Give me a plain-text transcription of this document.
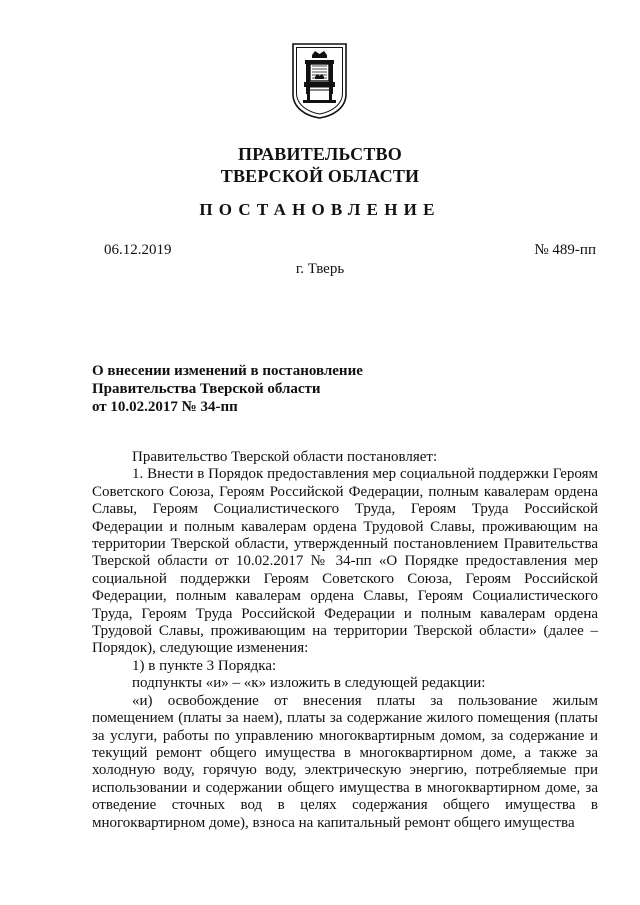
ПРАВИТЕЛЬСТВО
ТВЕРСКОЙ ОБЛАСТИ
ПОСТАНОВЛЕНИЕ
06.12.2019	№ 489-пп
г. Тверь
О внесении изменений в постановление
Правительства Тверской области
от 10.02.2017 № 34-пп

Правительство Тверской области постановляет:

1. Внести в Порядок предоставления мер социальной поддержки Героям Советского Союза, Героям Российской Федерации, полным кавалерам ордена Славы, Героям Социалистического Труда, Героям Труда Российской Федерации и полным кавалерам ордена Трудовой Славы, проживающим на территории Тверской области, утвержденный постановлением Правительства Тверской области от 10.02.2017 № 34-пп «О Порядке предоставления мер социальной поддержки Героям Советского Союза, Героям Российской Федерации, полным кавалерам ордена Славы, Героям Социалистического Труда, Героям Труда Российской Федерации и полным кавалерам ордена Трудовой Славы, проживающим на территории Тверской области» (далее – Порядок), следующие изменения:

1) в пункте 3 Порядка:

подпункты «и» – «к» изложить в следующей редакции:

«и) освобождение от внесения платы за пользование жилым помещением (платы за наем), платы за содержание жилого помещения (платы за услуги, работы по управлению многоквартирным домом, за содержание и текущий ремонт общего имущества в многоквартирном доме, а также за холодную воду, горячую воду, электрическую энергию, потребляемые при использовании и содержании общего имущества в многоквартирном доме, за отведение сточных вод в целях содержания общего имущества в многоквартирном доме), взноса на капитальный ремонт общего имущества
